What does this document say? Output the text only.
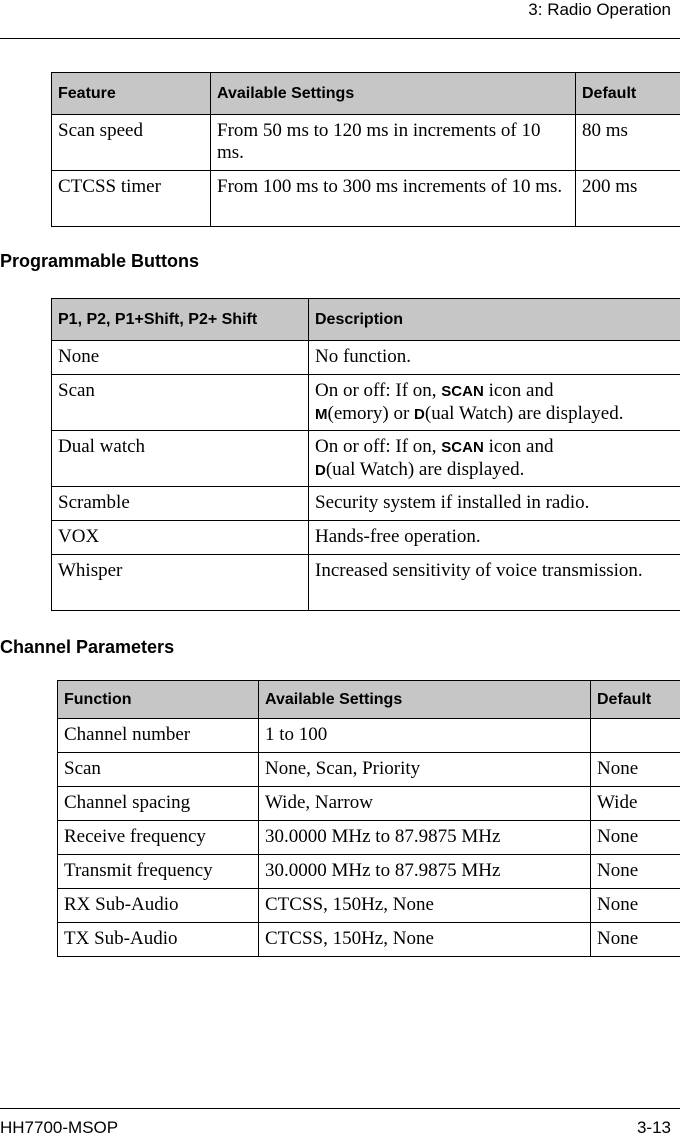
3: Radio Operation
Feature	Available Settings	Default
Scan speed	From 50 ms to 120 ms in increments of 10 ms.	80 ms
CTCSS timer	From 100 ms to 300 ms increments of 10 ms.	200 ms
Programmable Buttons
P1, P2, P1+Shift, P2+ Shift	Description
None	No function.
Scan	On or off: If on, SCAN icon and
M(emory) or D(ual Watch) are displayed.
Dual watch	On or off: If on, SCAN icon and
D(ual Watch) are displayed.
Scramble	Security system if installed in radio.
VOX	Hands-free operation.
Whisper	Increased sensitivity of voice transmission.
Channel Parameters
Function	Available Settings	Default
Channel number	1 to 100	
Scan	None, Scan, Priority	None
Channel spacing	Wide, Narrow	Wide
Receive frequency	30.0000 MHz to 87.9875 MHz	None
Transmit frequency	30.0000 MHz to 87.9875 MHz	None
RX Sub-Audio	CTCSS, 150Hz, None	None
TX Sub-Audio	CTCSS, 150Hz, None	None
HH7700-MSOP	3-13
